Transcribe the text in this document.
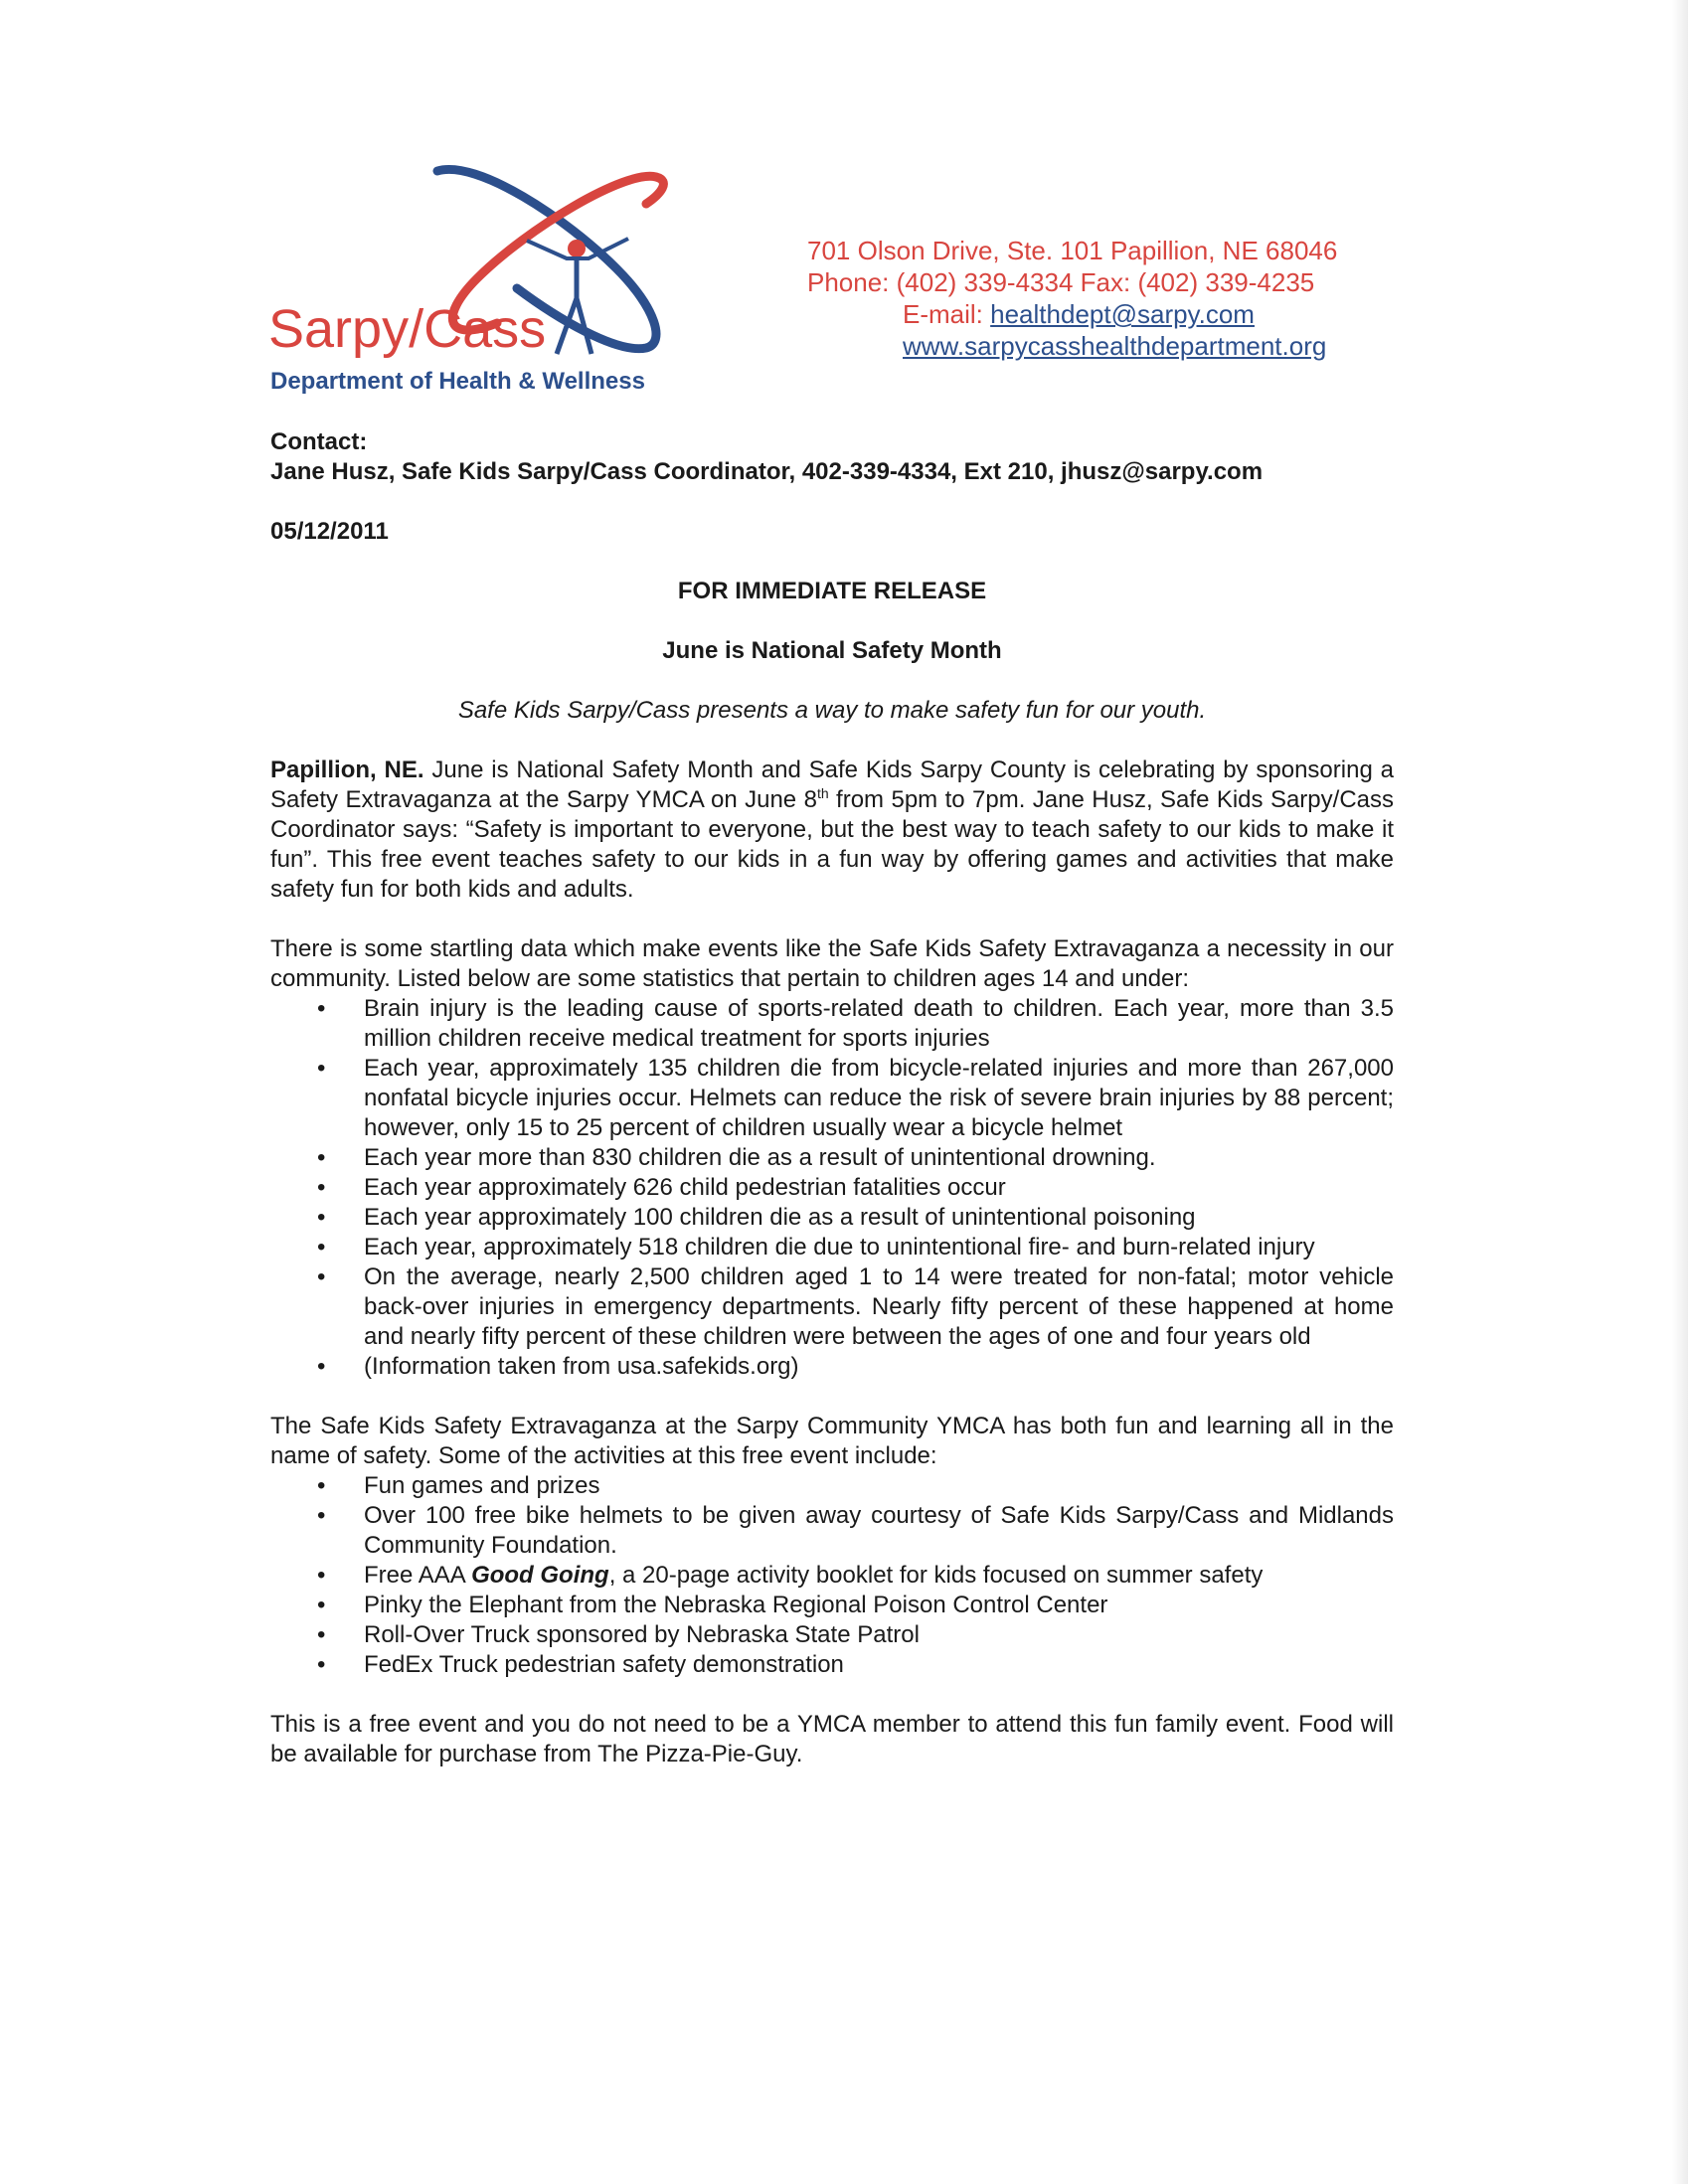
Sarpy/Cass
Department of Health & Wellness
701 Olson Drive, Ste. 101 Papillion, NE 68046
Phone: (402) 339-4334 Fax: (402) 339-4235
E-mail: healthdept@sarpy.com
www.sarpycasshealthdepartment.org
Contact:
Jane Husz, Safe Kids Sarpy/Cass Coordinator, 402-339-4334, Ext 210, jhusz@sarpy.com
05/12/2011
FOR IMMEDIATE RELEASE
June is National Safety Month
Safe Kids Sarpy/Cass presents a way to make safety fun for our youth.

Papillion, NE. June is National Safety Month and Safe Kids Sarpy County is celebrating by sponsoring a Safety Extravaganza at the Sarpy YMCA on June 8th from 5pm to 7pm. Jane Husz, Safe Kids Sarpy/Cass Coordinator says: “Safety is important to everyone, but the best way to teach safety to our kids to make it fun”. This free event teaches safety to our kids in a fun way by offering games and activities that make safety fun for both kids and adults.

There is some startling data which make events like the Safe Kids Safety Extravaganza a necessity in our community. Listed below are some statistics that pertain to children ages 14 and under:

• Brain injury is the leading cause of sports-related death to children. Each year, more than 3.5 million children receive medical treatment for sports injuries
• Each year, approximately 135 children die from bicycle-related injuries and more than 267,000 nonfatal bicycle injuries occur. Helmets can reduce the risk of severe brain injuries by 88 percent; however, only 15 to 25 percent of children usually wear a bicycle helmet
• Each year more than 830 children die as a result of unintentional drowning.
• Each year approximately 626 child pedestrian fatalities occur
• Each year approximately 100 children die as a result of unintentional poisoning
• Each year, approximately 518 children die due to unintentional fire- and burn-related injury
• On the average, nearly 2,500 children aged 1 to 14 were treated for non-fatal; motor vehicle back-over injuries in emergency departments. Nearly fifty percent of these happened at home and nearly fifty percent of these children were between the ages of one and four years old
• (Information taken from usa.safekids.org)

The Safe Kids Safety Extravaganza at the Sarpy Community YMCA has both fun and learning all in the name of safety. Some of the activities at this free event include:

• Fun games and prizes
• Over 100 free bike helmets to be given away courtesy of Safe Kids Sarpy/Cass and Midlands Community Foundation.
• Free AAA Good Going, a 20-page activity booklet for kids focused on summer safety
• Pinky the Elephant from the Nebraska Regional Poison Control Center
• Roll-Over Truck sponsored by Nebraska State Patrol
• FedEx Truck pedestrian safety demonstration

This is a free event and you do not need to be a YMCA member to attend this fun family event. Food will be available for purchase from The Pizza-Pie-Guy.
